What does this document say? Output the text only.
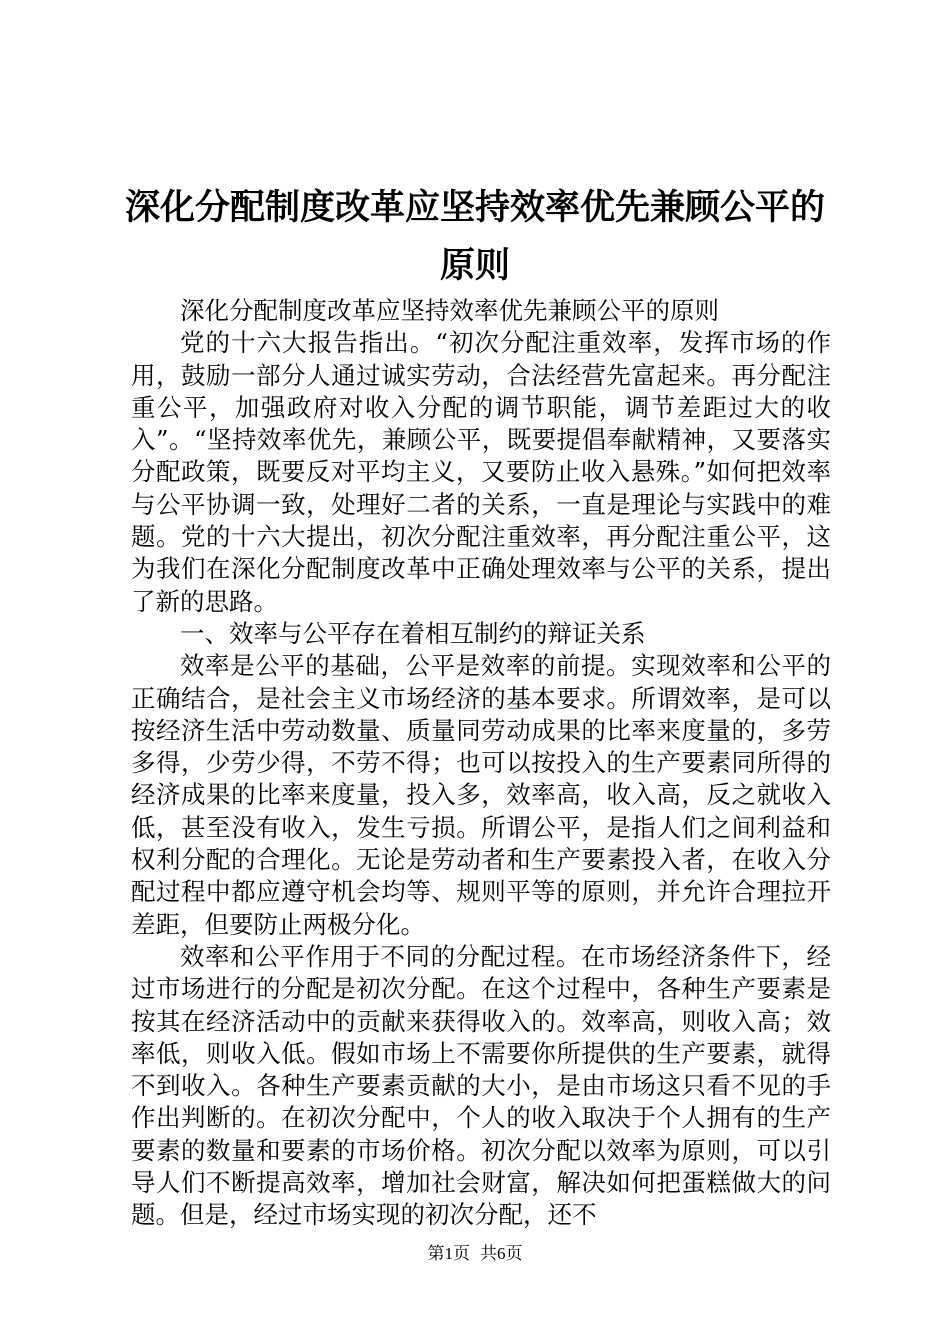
深化分配制度改革应坚持效率优先兼顾公平的
原则

深化分配制度改革应坚持效率优先兼顾公平的原则

党的十六大报告指出。“初次分配注重效率，发挥市场的作用，鼓励一部分人通过诚实劳动，合法经营先富起来。再分配注重公平，加强政府对收入分配的调节职能，调节差距过大的收入”。“坚持效率优先，兼顾公平，既要提倡奉献精神，又要落实分配政策，既要反对平均主义，又要防止收入悬殊。”如何把效率与公平协调一致，处理好二者的关系，一直是理论与实践中的难题。党的十六大提出，初次分配注重效率，再分配注重公平，这为我们在深化分配制度改革中正确处理效率与公平的关系，提出了新的思路。

一、效率与公平存在着相互制约的辩证关系

效率是公平的基础，公平是效率的前提。实现效率和公平的正确结合，是社会主义市场经济的基本要求。所谓效率，是可以按经济生活中劳动数量、质量同劳动成果的比率来度量的，多劳多得，少劳少得，不劳不得；也可以按投入的生产要素同所得的经济成果的比率来度量，投入多，效率高，收入高，反之就收入低，甚至没有收入，发生亏损。所谓公平，是指人们之间利益和权利分配的合理化。无论是劳动者和生产要素投入者，在收入分配过程中都应遵守机会均等、规则平等的原则，并允许合理拉开差距，但要防止两极分化。

效率和公平作用于不同的分配过程。在市场经济条件下，经过市场进行的分配是初次分配。在这个过程中，各种生产要素是按其在经济活动中的贡献来获得收入的。效率高，则收入高；效率低，则收入低。假如市场上不需要你所提供的生产要素，就得不到收入。各种生产要素贡献的大小，是由市场这只看不见的手作出判断的。在初次分配中，个人的收入取决于个人拥有的生产要素的数量和要素的市场价格。初次分配以效率为原则，可以引导人们不断提高效率，增加社会财富，解决如何把蛋糕做大的问题。但是，经过市场实现的初次分配，还不

第1页 共6页
